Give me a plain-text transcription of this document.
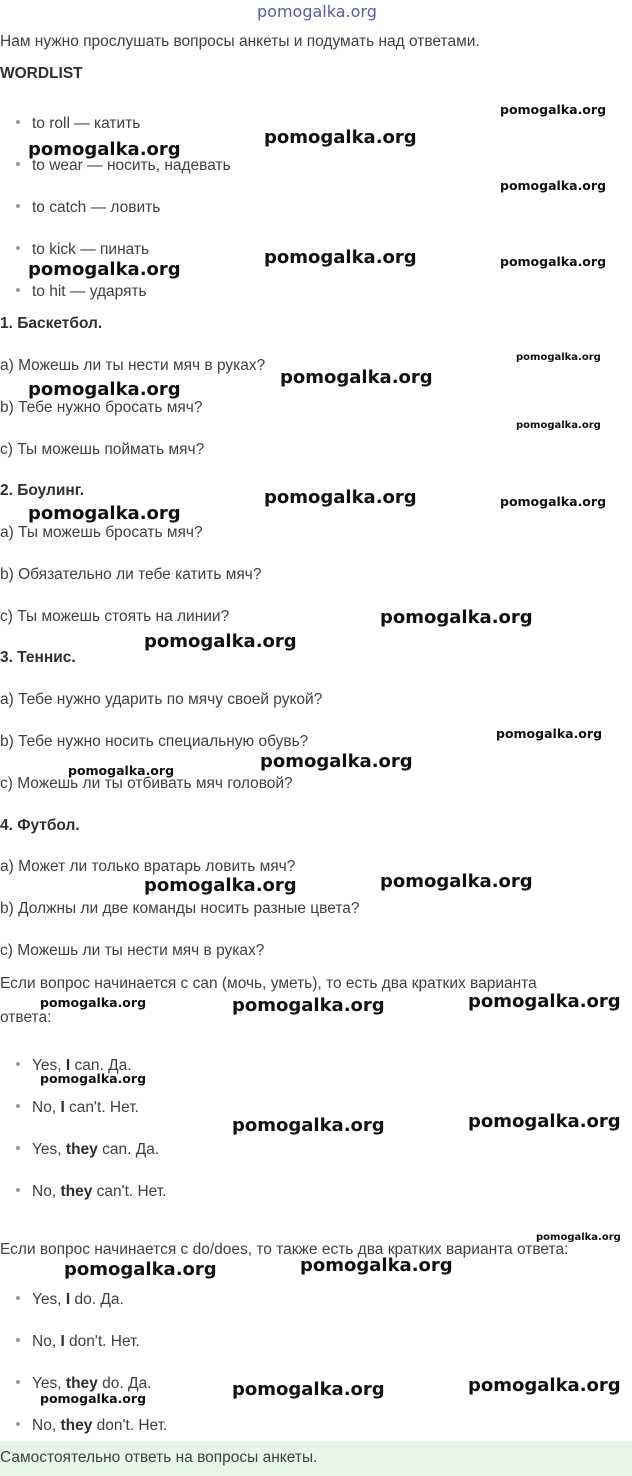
pomogalka.org
Нам нужно прослушать вопросы анкеты и подумать над ответами.
WORDLIST
to roll — катить
to wear — носить, надевать
to catch — ловить
to kick — пинать
to hit — ударять
1. Баскетбол.
а) Можешь ли ты нести мяч в руках?
b) Тебе нужно бросать мяч?
с) Ты можешь поймать мяч?
2. Боулинг.
а) Ты можешь бросать мяч?
b) Обязательно ли тебе катить мяч?
с) Ты можешь стоять на линии?
3. Теннис.
а) Тебе нужно ударить по мячу своей рукой?
b) Тебе нужно носить специальную обувь?
с) Можешь ли ты отбивать мяч головой?
4. Футбол.
а) Может ли только вратарь ловить мяч?
b) Должны ли две команды носить разные цвета?
с) Можешь ли ты нести мяч в руках?
Если вопрос начинается с can (мочь, уметь), то есть два кратких варианта
ответа:
Yes, I can. Да.
No, I can't. Нет.
Yes, they can. Да.
No, they can't. Нет.
Если вопрос начинается с do/does, то также есть два кратких варианта ответа:
Yes, I do. Да.
No, I don't. Нет.
Yes, they do. Да.
No, they don't. Нет.
Самостоятельно ответь на вопросы анкеты.
pomogalka.org
pomogalka.org
pomogalka.org
pomogalka.org
pomogalka.org
pomogalka.org	pomogalka.org
pomogalka.org
pomogalka.org
pomogalka.org
pomogalka.org
pomogalka.org	pomogalka.org
pomogalka.org
pomogalka.org
pomogalka.org
pomogalka.org
pomogalka.org
pomogalka.org
pomogalka.org	pomogalka.org
pomogalka.org	pomogalka.org	pomogalka.org
pomogalka.org
pomogalka.org	pomogalka.org
pomogalka.org
pomogalka.org	pomogalka.org
pomogalka.org	pomogalka.org
pomogalka.org
